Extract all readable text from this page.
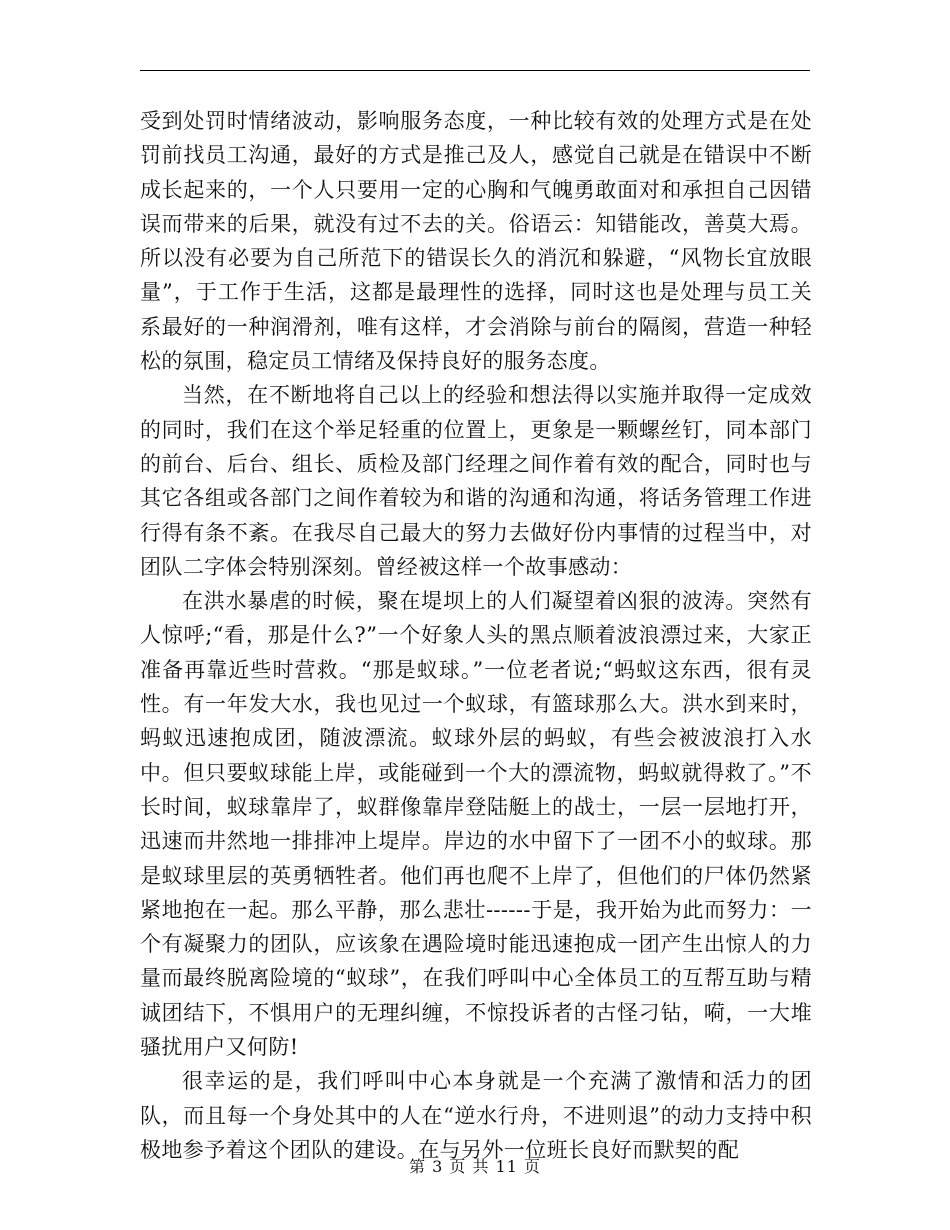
受到处罚时情绪波动，影响服务态度，一种比较有效的处理方式是在处罚前找员工沟通，最好的方式是推己及人，感觉自己就是在错误中不断成长起来的，一个人只要用一定的心胸和气魄勇敢面对和承担自己因错误而带来的后果，就没有过不去的关。俗语云：知错能改，善莫大焉。所以没有必要为自己所范下的错误长久的消沉和躲避，“风物长宜放眼量”，于工作于生活，这都是最理性的选择，同时这也是处理与员工关系最好的一种润滑剂，唯有这样，才会消除与前台的隔阂，营造一种轻松的氛围，稳定员工情绪及保持良好的服务态度。

当然，在不断地将自己以上的经验和想法得以实施并取得一定成效的同时，我们在这个举足轻重的位置上，更象是一颗螺丝钉，同本部门的前台、后台、组长、质检及部门经理之间作着有效的配合，同时也与其它各组或各部门之间作着较为和谐的沟通和沟通，将话务管理工作进行得有条不紊。在我尽自己最大的努力去做好份内事情的过程当中，对团队二字体会特别深刻。曾经被这样一个故事感动：

在洪水暴虐的时候，聚在堤坝上的人们凝望着凶狠的波涛。突然有人惊呼;“看，那是什么?”一个好象人头的黑点顺着波浪漂过来，大家正准备再靠近些时营救。“那是蚁球。”一位老者说;“蚂蚁这东西，很有灵性。有一年发大水，我也见过一个蚁球，有篮球那么大。洪水到来时，蚂蚁迅速抱成团，随波漂流。蚁球外层的蚂蚁，有些会被波浪打入水中。但只要蚁球能上岸，或能碰到一个大的漂流物，蚂蚁就得救了。”不长时间，蚁球靠岸了，蚁群像靠岸登陆艇上的战士，一层一层地打开，迅速而井然地一排排冲上堤岸。岸边的水中留下了一团不小的蚁球。那是蚁球里层的英勇牺牲者。他们再也爬不上岸了，但他们的尸体仍然紧紧地抱在一起。那么平静，那么悲壮------于是，我开始为此而努力：一个有凝聚力的团队，应该象在遇险境时能迅速抱成一团产生出惊人的力量而最终脱离险境的“蚁球”，在我们呼叫中心全体员工的互帮互助与精诚团结下，不惧用户的无理纠缠，不惊投诉者的古怪刁钻，嗬，一大堆骚扰用户又何防!

很幸运的是，我们呼叫中心本身就是一个充满了激情和活力的团队，而且每一个身处其中的人在“逆水行舟，不进则退”的动力支持中积极地参予着这个团队的建设。在与另外一位班长良好而默契的配

第 3 页 共 11 页
